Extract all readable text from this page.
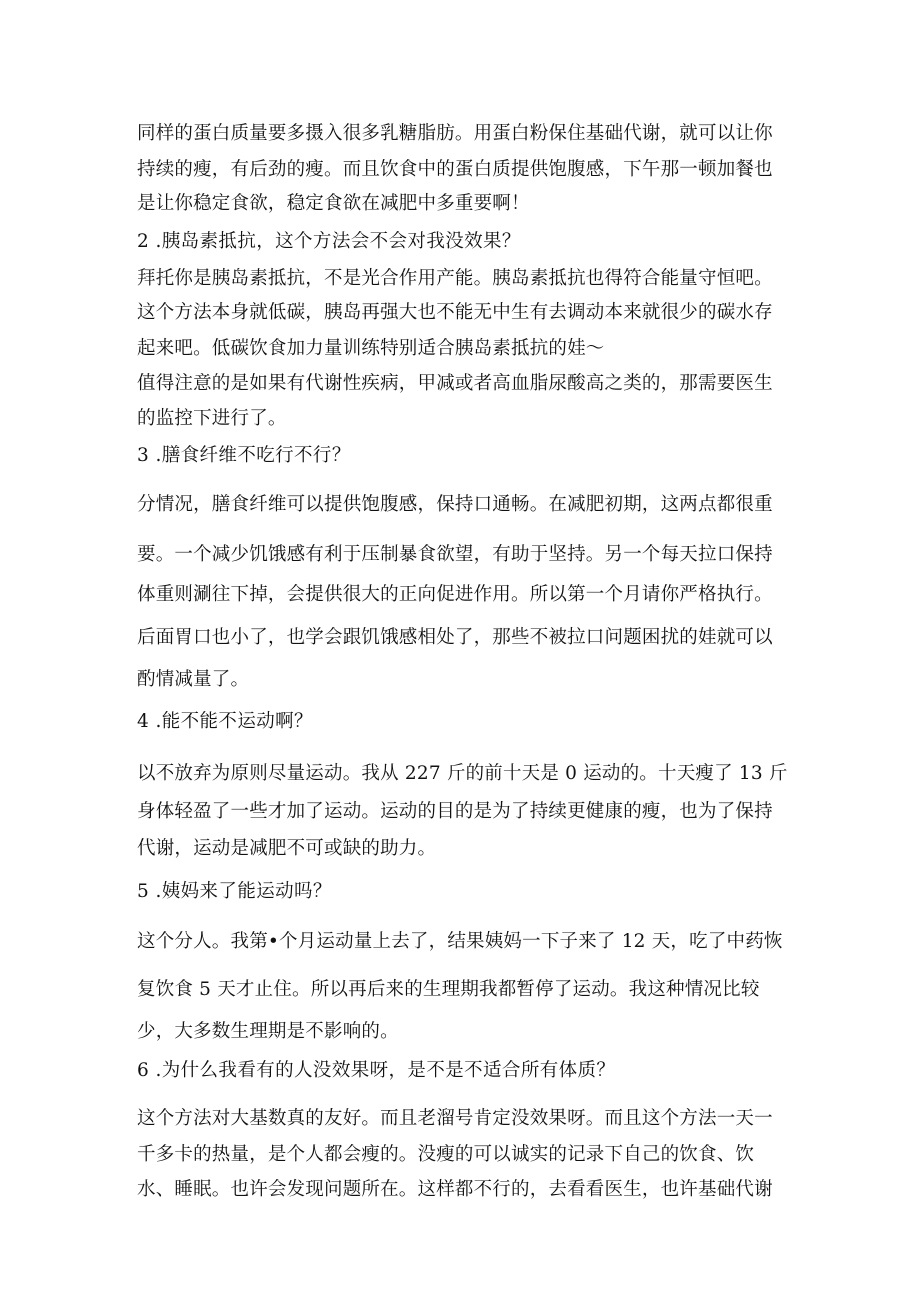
同样的蛋白质量要多摄入很多乳糖脂肪。用蛋白粉保住基础代谢，就可以让你
持续的瘦，有后劲的瘦。而且饮食中的蛋白质提供饱腹感，下午那一顿加餐也
是让你稳定食欲，稳定食欲在减肥中多重要啊！
2 .胰岛素抵抗，这个方法会不会对我没效果？
拜托你是胰岛素抵抗，不是光合作用产能。胰岛素抵抗也得符合能量守恒吧。
这个方法本身就低碳，胰岛再强大也不能无中生有去调动本来就很少的碳水存
起来吧。低碳饮食加力量训练特别适合胰岛素抵抗的娃～
值得注意的是如果有代谢性疾病，甲减或者高血脂尿酸高之类的，那需要医生
的监控下进行了。
3 .膳食纤维不吃行不行？
分情况，膳食纤维可以提供饱腹感，保持口通畅。在减肥初期，这两点都很重
要。一个减少饥饿感有利于压制暴食欲望，有助于坚持。另一个每天拉口保持
体重则涮往下掉，会提供很大的正向促进作用。所以第一个月请你严格执行。
后面胃口也小了，也学会跟饥饿感相处了，那些不被拉口问题困扰的娃就可以
酌情减量了。
4 .能不能不运动啊？
以不放弃为原则尽量运动。我从 227 斤的前十天是 0 运动的。十天瘦了 13 斤
身体轻盈了一些才加了运动。运动的目的是为了持续更健康的瘦，也为了保持
代谢，运动是减肥不可或缺的助力。
5 .姨妈来了能运动吗？
这个分人。我第•个月运动量上去了，结果姨妈一下子来了 12 天，吃了中药恢
复饮食 5 天才止住。所以再后来的生理期我都暂停了运动。我这种情况比较
少，大多数生理期是不影响的。
6 .为什么我看有的人没效果呀，是不是不适合所有体质？
这个方法对大基数真的友好。而且老溜号肯定没效果呀。而且这个方法一天一
千多卡的热量，是个人都会瘦的。没瘦的可以诚实的记录下自己的饮食、饮
水、睡眠。也许会发现问题所在。这样都不行的，去看看医生，也许基础代谢
